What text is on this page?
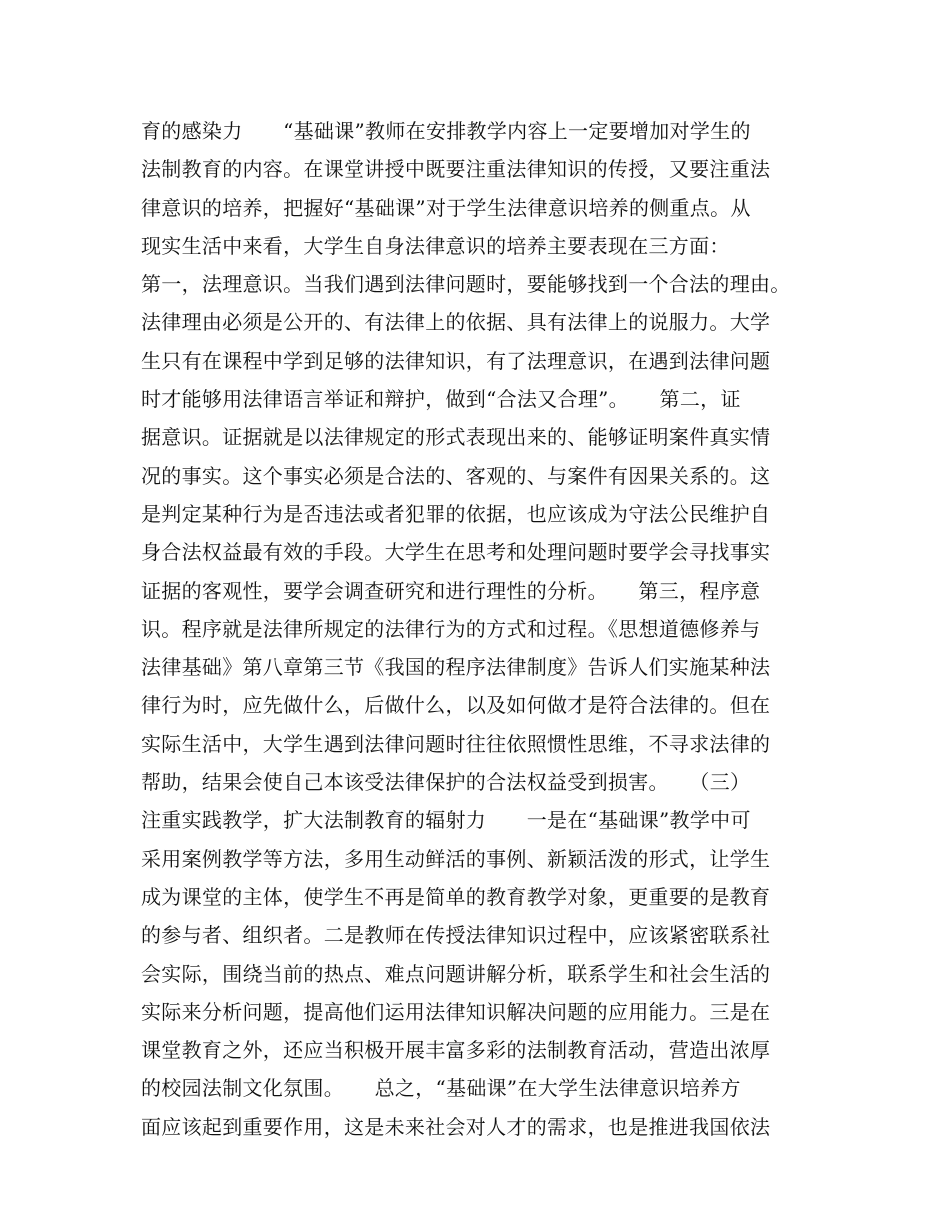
育的感染力　　“基础课”教师在安排教学内容上一定要增加对学生的
法制教育的内容。在课堂讲授中既要注重法律知识的传授，又要注重法
律意识的培养，把握好“基础课”对于学生法律意识培养的侧重点。从
现实生活中来看，大学生自身法律意识的培养主要表现在三方面：
第一，法理意识。当我们遇到法律问题时，要能够找到一个合法的理由。
法律理由必须是公开的、有法律上的依据、具有法律上的说服力。大学
生只有在课程中学到足够的法律知识，有了法理意识，在遇到法律问题
时才能够用法律语言举证和辩护，做到“合法又合理”。　　第二，证
据意识。证据就是以法律规定的形式表现出来的、能够证明案件真实情
况的事实。这个事实必须是合法的、客观的、与案件有因果关系的。这
是判定某种行为是否违法或者犯罪的依据，也应该成为守法公民维护自
身合法权益最有效的手段。大学生在思考和处理问题时要学会寻找事实
证据的客观性，要学会调查研究和进行理性的分析。　　第三，程序意
识。程序就是法律所规定的法律行为的方式和过程。《思想道德修养与
法律基础》第八章第三节《我国的程序法律制度》告诉人们实施某种法
律行为时，应先做什么，后做什么，以及如何做才是符合法律的。但在
实际生活中，大学生遇到法律问题时往往依照惯性思维，不寻求法律的
帮助，结果会使自己本该受法律保护的合法权益受到损害。　　（三）
注重实践教学，扩大法制教育的辐射力　　一是在“基础课”教学中可
采用案例教学等方法，多用生动鲜活的事例、新颖活泼的形式，让学生
成为课堂的主体，使学生不再是简单的教育教学对象，更重要的是教育
的参与者、组织者。二是教师在传授法律知识过程中，应该紧密联系社
会实际，围绕当前的热点、难点问题讲解分析，联系学生和社会生活的
实际来分析问题，提高他们运用法律知识解决问题的应用能力。三是在
课堂教育之外，还应当积极开展丰富多彩的法制教育活动，营造出浓厚
的校园法制文化氛围。　　总之，“基础课”在大学生法律意识培养方
面应该起到重要作用，这是未来社会对人才的需求，也是推进我国依法
